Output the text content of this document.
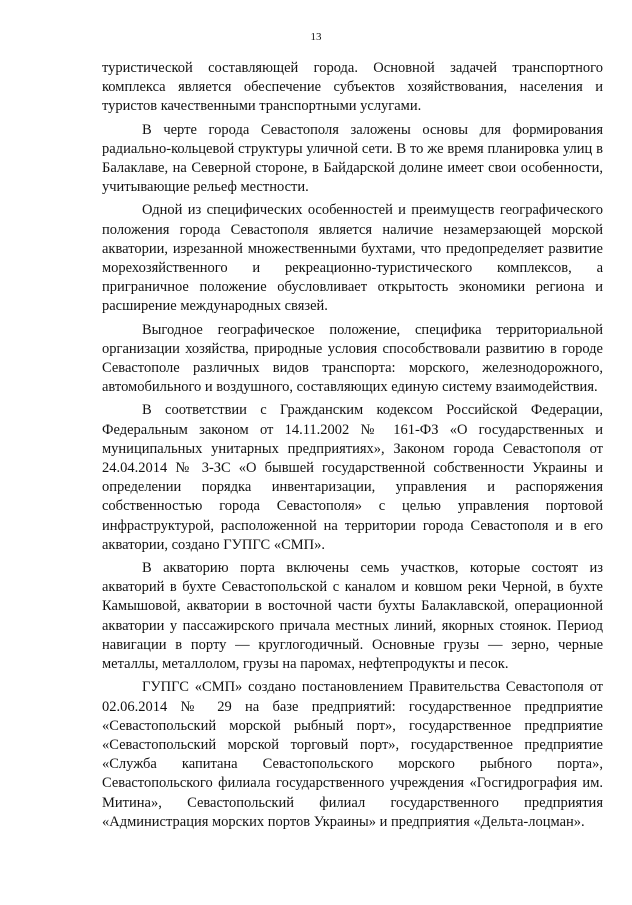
13

туристической составляющей города. Основной задачей транспортного комплекса является обеспечение субъектов хозяйствования, населения и туристов качественными транспортными услугами.

В черте города Севастополя заложены основы для формирования радиально-кольцевой структуры уличной сети. В то же время планировка улиц в Балаклаве, на Северной стороне, в Байдарской долине имеет свои особенности, учитывающие рельеф местности.

Одной из специфических особенностей и преимуществ географического положения города Севастополя является наличие незамерзающей морской акватории, изрезанной множественными бухтами, что предопределяет развитие морехозяйственного и рекреационно-туристического комплексов, а приграничное положение обусловливает открытость экономики региона и расширение международных связей.

Выгодное географическое положение, специфика территориальной организации хозяйства, природные условия способствовали развитию в городе Севастополе различных видов транспорта: морского, железнодорожного, автомобильного и воздушного, составляющих единую систему взаимодействия.

В соответствии с Гражданским кодексом Российской Федерации, Федеральным законом от 14.11.2002 № 161-ФЗ «О государственных и муниципальных унитарных предприятиях», Законом города Севастополя от 24.04.2014 № 3-ЗС «О бывшей государственной собственности Украины и определении порядка инвентаризации, управления и распоряжения собственностью города Севастополя» с целью управления портовой инфраструктурой, расположенной на территории города Севастополя и в его акватории, создано ГУПГС «СМП».

В акваторию порта включены семь участков, которые состоят из акваторий в бухте Севастопольской с каналом и ковшом реки Черной, в бухте Камышовой, акватории в восточной части бухты Балаклавской, операционной акватории у пассажирского причала местных линий, якорных стоянок. Период навигации в порту — круглогодичный. Основные грузы — зерно, черные металлы, металлолом, грузы на паромах, нефтепродукты и песок.

ГУПГС «СМП» создано постановлением Правительства Севастополя от 02.06.2014 № 29 на базе предприятий: государственное предприятие «Севастопольский морской рыбный порт», государственное предприятие «Севастопольский морской торговый порт», государственное предприятие «Служба капитана Севастопольского морского рыбного порта», Севастопольского филиала государственного учреждения «Госгидрография им. Митина», Севастопольский филиал государственного предприятия «Администрация морских портов Украины» и предприятия «Дельта-лоцман».
